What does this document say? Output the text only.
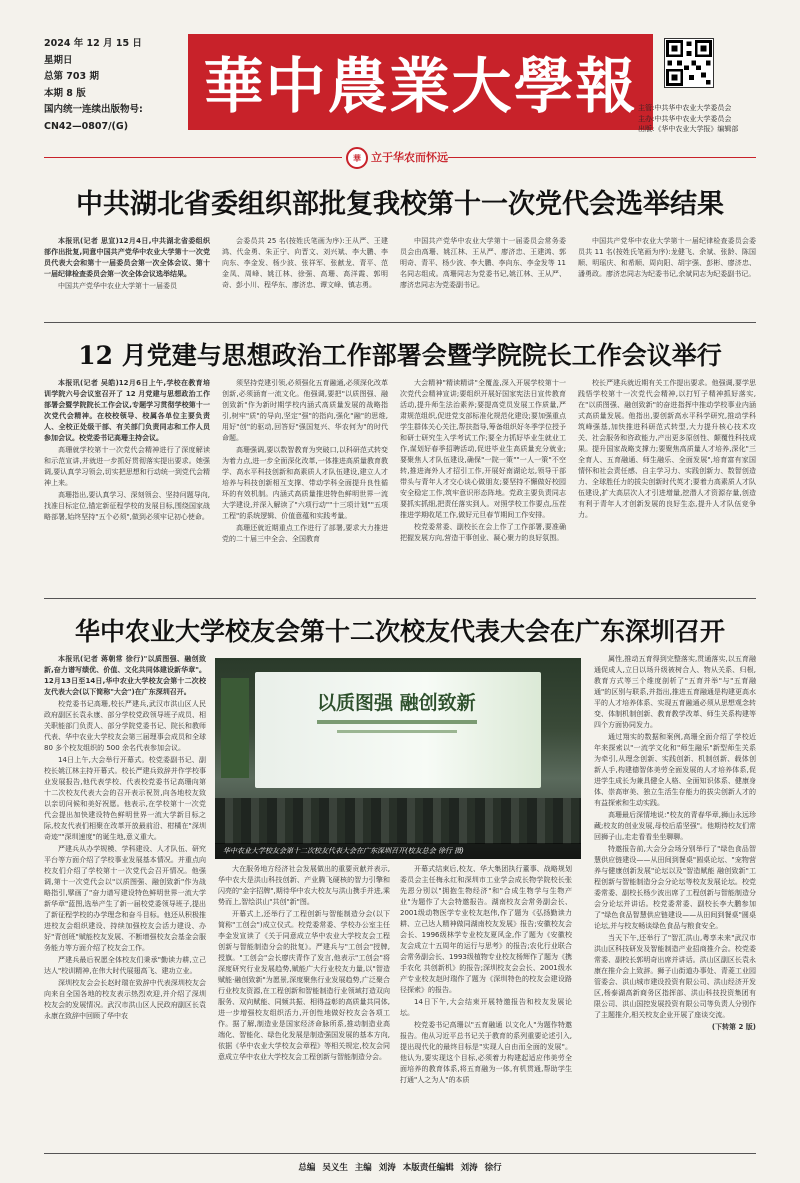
2024 年 12 月 15 日
星期日
总第 703 期
本期 8 版
国内统一连续出版物号:
CN42—0807/(G)
華中農業大學報 主管:中共华中农业大学委员会
主办:中共华中农业大学委员会
出版:《华中农业大学报》编辑部
華 立于华农而怀远
中共湖北省委组织部批复我校第十一次党代会选举结果

本报讯(记者 思宣)12月4日,中共湖北省委组织部作出批复,同意中国共产党华中农业大学第十一次党员代表大会和第十一届委员会第一次全体会议、第十一届纪律检查委员会第一次全体会议选举结果。

中国共产党华中农业大学第十一届委员

会委员共 25 名(按姓氏笔画为序):王从严、王建鸿、代金勇、朱正宁、向晋文、刘兴斌、李大鹏、李向东、李金发、杨少波、张祥军、张献龙、青平、范金凤、周峰、姚江林、徐强、高珊、高洋霞、郭明奇、彭小川、程华东、廖济忠、谭文峰、镇志勇。

中国共产党华中农业大学第十一届委员会常务委员会由高珊、姚江林、王从严、廖济忠、王建鸿、郭明奇、青平、杨少波、李大鹏、李向东、李金发等 11 名同志组成。高珊同志为党委书记,姚江林、王从严、廖济忠同志为党委副书记。

中国共产党华中农业大学第十一届纪律检查委员会委员共 11 名(按姓氏笔画为序):龙健飞、余斌、张龄、陈国顺、明瑶庆、和希顺、周向阳、胡宇强、彭彬、廖济忠、潘勇政。廖济忠同志为纪委书记,余斌同志为纪委副书记。

12 月党建与思想政治工作部署会暨学院院长工作会议举行

本报讯(记者 吴皓)12月6日上午,学校在教育培训学院六号会议室召开了 12 月党建与思想政治工作部署会暨学院院长工作会议,专题学习贯彻学校第十一次党代会精神。在校校领导、校属各单位主要负责人、全校正处级干部、有关部门负责同志和工作人员参加会议。校党委书记高珊主持会议。

高珊就学校第十一次党代会精神进行了深度解读和示范宣讲,并就进一步抓好贯彻落实提出要求。她强调,要认真学习领会,切实把思想和行动统一到党代会精神上来。

高珊指出,要认真学习、深刻领会、坚持问题导向,找准目标定位,锚定新征程学校的发展目标,围绕国家战略部署,始终坚持"五个必须",做到必须牢记初心使命。

须坚持党建引领,必须强化五育融通,必须深化改革创新,必须涵育一流文化。他强调,要把"以质图强、融创致新"作为新时期学校内涵式高质量发展的战略指引,树牢"质"的导向,坚定"强"的指向,强化"融"的思维,用好"创"的驱动,回答好"强国复兴、华农何为"的时代命题。

高珊强调,要以数智教育为突破口,以科研范式转变为着力点,进一步全面深化改革,一体推进高质量教育教学、高水平科技创新和高素质人才队伍建设,建立人才培养与科技创新相互支撑、带动学科全面提升良性循环的有效机制。内涵式高质量推进特色鲜明世界一流大学建设,并深入解读了"六项行动""十三项计划""五项工程"的系统逻辑、价值意蕴和实践考量。

高珊还就近期重点工作进行了部署,要求大力推进党的二十届三中全会、全国教育

大会精神"精读精讲"全覆盖,深入开展学校第十一次党代会精神宣讲;要组织开展好国家宪法日宣传教育活动,提升师生法治素养;要提高党员发展工作质量,严肃规范组织,促进党支部标准化规范化建设;要加强重点学生群体关心关注,帮扶指导,筹备组织好冬季学位授予和研士研究生入学考试工作;要全力抓好毕业生就业工作,谋划好春季招聘活动,促进毕业生高质量充分就业;要聚焦人才队伍建设,确保"一院一策""一人一策"不空转,推进海外人才招引工作,开展好南湖论坛,领导干部带头与青年人才交心谈心做朋友;要坚持不懈做好校园安全稳定工作,筑牢意识形态阵地。党政主要负责同志要抓实抓细,把责任落实到人。对照学校工作要点,压茬推进学期收尾工作,做好元旦春节期间工作安排。

校党委常委、副校长在会上作了工作部署,要准确把握发展方向,营造干事创业、凝心聚力的良好氛围。

校长严建兵就近期有关工作提出要求。他强调,要学思践悟学校第十一次党代会精神,以打钉子精神抓好落实,在"以质图强、融创致新"的奋进指挥中推动学校事业内涵式高质量发展。他指出,要创新高水平科学研究,推动学科筑峰强基,加快推进科研范式转型,大力提升核心技术攻关、社会服务和咨政能力,产出更多原创性、颠覆性科技成果。提升国家战略支撑力;要聚焦高质量人才培养,深化"三全育人、五育融通、师生融乐、全面发展",培育富有家国情怀和社会责任感、自主学习力、实践创新力、数智创造力、全球胜任力的拔尖创新时代英才;要着力高素质人才队伍建设,扩大高层次人才引进增量,挖潜人才资源存量,创造有利于青年人才创新发展的良好生态,提升人才队伍竞争力。

华中农业大学校友会第十二次校友代表大会在广东深圳召开

本报讯(记者 蒋朝常 徐行)"以质图强、融创致新,奋力谱写绩优、价值、文化共同体建设新华章"。12月13日至14日,华中农业大学校友会第十二次校友代表大会(以下简称"大会")在广东深圳召开。

校党委书记高珊,校长严建兵,武汉市洪山区人民政府副区长袁永康、部分学校党政领导班子成员、相关职能部门负责人、部分学院党委书记、院长和教师代表、华中农业大学校友会第三届理事会成员和全球 80 多个校友组织的 500 余名代表参加会议。

14日上午,大会举行开幕式。校党委副书记、副校长姚江林主持开幕式。校长严建兵致辞并作学校事业发展报告,他代表学校、代表校党委书记高珊向第十二次校友代表大会的召开表示祝贺,向各地校友致以亲切问候和美好祝愿。他表示,在学校第十一次党代会提出加快建设特色鲜明世界一流大学新目标之际,校友代表们相聚在改革开放最前沿、柑橘在"深圳奇迹""深圳速度"的诞生地,意义重大。

严建兵从办学规模、学科建设、人才队伍、研究平台等方面介绍了学校事业发展基本情况。并重点向校友们介绍了学校第十一次党代会召开情况。他强调,第十一次党代会以"以质图强、融创致新"作为战略指引,擘画了"奋力谱写建设特色鲜明世界一流大学新华章"蓝图,选举产生了新一届校党委领导班子,提出了新征程学校的办学理念和奋斗目标。他还从积极推进校友会组织建设、持续加强校友会活力建设、办好"青创班"赋能校友发展、不断增强校友会基金会服务能力等方面介绍了校友会工作。

严建兵最后祝愿全体校友们秉承"勤读力耕,立己达人"校训精神,在伟大时代展翅高飞、建功立业。

深圳校友会会长赵时瑞在致辞中代表深圳校友会向来自全国各地的校友表示热烈欢迎,并介绍了深圳校友会的发展情况。武汉市洪山区人民政府副区长袁永康在致辞中回顾了华中农

以质图强 融创致新
华中农业大学校友会第十二次校友代表大会在广东深圳召开(校友总会 徐行 摄)

大在服务地方经济社会发展做出的重要贡献并表示,华中农大是洪山科技创新、产业腾飞硬核的智力引擎和闪亮的"金字招牌",期待华中农大校友与洪山携手并进,乘势而上,智绘洪山"共创"新"图。

开幕式上,还举行了工程创新与智能制造分会(以下简称"工创会")成立仪式。校党委常委、学校办公室主任李金发宣读了《关于同意成立华中农业大学校友会工程创新与智能制造分会的批复》。严建兵与"工创会"授牌,授旗。"工创会"会长廖庆青作了发言,他表示"工创会"将深度研究行业发展趋势,赋能广大行业校友力量,以"智造赋能·融创致新"为愿景,深度聚焦行业发展趋势,广泛聚合行业校友资源,在工程创新和智能制造行业领域打造双向服务、双向赋能、同频共振、相得益彰的高质量共同体,进一步增强校友组织活力,开创性地做好校友会各项工作。据了解,制造业是国家经济命脉所系,推动制造业高端化、智能化、绿色化发展是制造强国发展的基本方向,依据《华中农业大学校友会章程》等相关规定,校友会同意成立华中农业大学校友会工程创新与智能制造分会。

开幕式结束后,校友、华大集团执行董事、战略规划委员会主任梅永红和深圳市工业学会成长物学院校长张先恩分别以"拥抱生物经济"和"合成生物学与生物产业"为题作了大会特邀报告。湖南校友会常务副会长、2001级动物医学专业校友赵伟,作了题为《弘扬勤读力耕、立己达人精神做同湖南校友发展》报告;安徽校友会会长、1996级林学专业校友夏风金,作了题为《安徽校友会成立十五周年的运行与思考》的报告;农化行业联合会常务副会长、1993级植物专业校友杨辉作了题为《携手农化 共创新机》的报告;深圳校友会会长、2001级水产专业校友赵时瑞作了题为《深圳特色的校友会建设路径探索》的报告。

14日下午,大会结束开展特邀报告和校友发展论坛。

校党委书记高珊以"五育融通 以文化人"为题作特邀报告。他从习近平总书记关于教育的系列重要论述引入,提出现代化的最终目标是"实现人自由而全面的发展"。他认为,要实现这个目标,必须着力构建起适应伟美劳全面培养的教育体系,将五育融为一体,有机贯通,帮助学生打通"人之为人"的本质

属性,推动五育得到完整落实,贯通落实,以五育融通促成人,立日以场升级被树合人、物从关系、归根,教育方式等三个维度剖析了"五育并举"与"五育融通"的区别与联系,并指出,推进五育融通是构建更高水平的人才培养体系、实现五育融通必须从思想观念转变、体制机制创新、教育教学改革、师生关系构建等四个方面协同发力。

通过翔实的数据和案例,高珊全面介绍了学校近年来探索以"一流学文化和"师生融乐"新型师生关系为牵引,从理念创新、实践创新、机制创新、载体创新人手,构建德智体美劳全面发展的人才培养体系,促进学生成长为兼具健全人格、全面知识体系、健康身体、崇高审美、独立生活生存能力的拔尖创新人才的有益探索和生动实践。

高珊最后深情地说:"校友的青春华章,狮山永远珍藏;校友的创业发展,母校后盾坚强"。他期待校友们常回狮子山,走走看看坐坐聊聊。

特邀报告前,大会分会场分别举行了"绿色食品智慧供应链建设——从田间到餐桌"圆桌论坛、"宠物营养与健康创新发展"论坛以及"智造赋能 融创致新"工程创新与智能制造分会分论坛等校友发展论坛。校党委常委、副校长杨少波出席了工程创新与智能制造分会分论坛并讲话。校党委常委、副校长李大鹏参加了"绿色食品智慧供应链建设——从田间到餐桌"圆桌论坛,并与校友畅谈绿色食品与粮食安全。

当天下午,还举行了"智汇洪山,粤享未来"武汉市洪山区科技研发及智能制造产业招商推介会。校党委常委、副校长郭明奇出席并讲话。洪山区副区长袁永康在推介会上致辞。狮子山街道办事处、青菱工业园管委会、洪山城市建设投资有限公司、洪山经济开发区,杨泰湖高新商务区指挥部、洪山科技投资集团有限公司、洪山国控发展投资有限公司等负责人分别作了主题推介,相关校友企业开展了座谈交流。

(下转第 2 版)

总编 吴义生 主编 刘涛 本版责任编辑 刘涛 徐行
